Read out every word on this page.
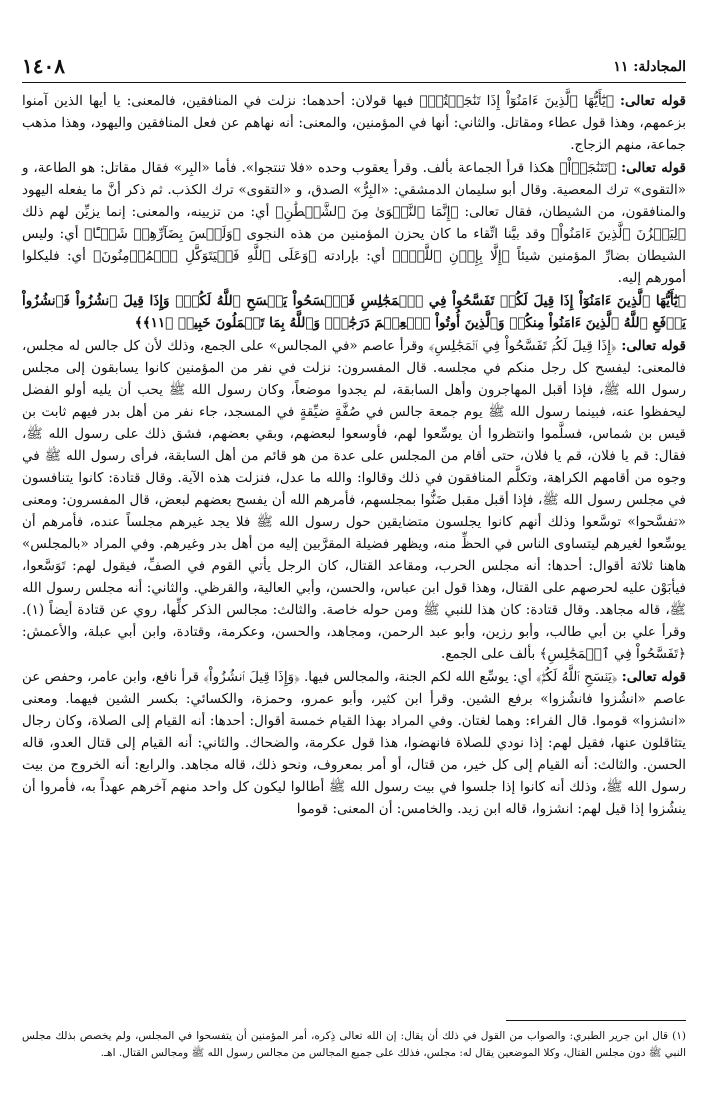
١٤٠٨	المجادلة: ١١

قوله تعالى: ﴿يَٰٓأَيُّهَا ٱلَّذِينَ ءَامَنُوٓاْ إِذَا تَنَٰجَيۡتُمۡ﴾ فيها قولان: أحدهما: نزلت في المنافقين، فالمعنى: يا أيها الذين آمنوا بزعمهم، وهذا قول عطاء ومقاتل. والثاني: أنها في المؤمنين، والمعنى: أنه نهاهم عن فعل المنافقين واليهود، وهذا مذهب جماعة، منهم الزجاج.

قوله تعالى: ﴿تَتَنَٰجَوۡاْ﴾ هكذا قرأ الجماعة بألف. وقرأ يعقوب وحده «فلا تنتجوا». فأما «البِر» فقال مقاتل: هو الطاعة، و «التقوى» ترك المعصية. وقال أبو سليمان الدمشقي: «البِرُّ» الصدق، و «التقوى» ترك الكذب. ثم ذكر أنَّ ما يفعله اليهود والمنافقون، من الشيطان، فقال تعالى: ﴿إِنَّمَا ٱلنَّجۡوَىٰ مِنَ ٱلشَّيۡطَٰنِ﴾ أي: من تزيينه، والمعنى: إنما يزيِّن لهم ذلك ﴿لِيَحۡزُنَ ٱلَّذِينَ ءَامَنُواْ﴾ وقد بيَّنا اتِّقاء ما كان يحزن المؤمنين من هذه النجوى ﴿وَلَيۡسَ بِضَآرِّهِمۡ شَيۡـًٔا﴾ أي: وليس الشيطان بضارِّ المؤمنين شيئاً ﴿إِلَّا بِإِذۡنِ ٱللَّهِۚ﴾ أي: بإرادته ﴿وَعَلَى ٱللَّهِ فَلۡيَتَوَكَّلِ ٱلۡمُؤۡمِنُونَ﴾ أي: فليكلوا أمورهم إليه.

﴿يَٰٓأَيُّهَا ٱلَّذِينَ ءَامَنُوٓاْ إِذَا قِيلَ لَكُمۡ تَفَسَّحُواْ فِي ٱلۡمَجَٰلِسِ فَٱفۡسَحُواْ يَفۡسَحِ ٱللَّهُ لَكُمۡۖ وَإِذَا قِيلَ ٱنشُزُواْ فَٱنشُزُواْ يَرۡفَعِ ٱللَّهُ ٱلَّذِينَ ءَامَنُواْ مِنكُمۡ وَٱلَّذِينَ أُوتُواْ ٱلۡعِلۡمَ دَرَجَٰتٖۚ وَٱللَّهُ بِمَا تَعۡمَلُونَ خَبِيرٞ ﴿١١﴾﴾

قوله تعالى: ﴿إِذَا قِيلَ لَكُمۡ تَفَسَّحُواْ فِي ٱلۡمَجَٰلِسِ﴾ وقرأ عاصم «في المجالس» على الجمع، وذلك لأن كل جالس له مجلس، فالمعنى: ليفسح كل رجل منكم في مجلسه. قال المفسرون: نزلت في نفر من المؤمنين كانوا يسابقون إلى مجلس رسول الله ﷺ، فإذا أقبل المهاجرون وأهل السابقة، لم يجدوا موضعاً، وكان رسول الله ﷺ يحب أن يليه أولو الفضل ليحفظوا عنه، فبينما رسول الله ﷺ يوم جمعة جالس في صُفَّةٍ ضيِّقةٍ في المسجد، جاء نفر من أهل بدر فيهم ثابت بن قيس بن شماس، فسلَّموا وانتظروا أن يوسِّعوا لهم، فأوسعوا لبعضهم، وبقي بعضهم، فشق ذلك على رسول الله ﷺ، فقال: قم يا فلان، قم يا فلان، حتى أقام من المجلس على عدة من هو قائم من أهل السابقة، فرأى رسول الله ﷺ في وجوه من أقامهم الكراهة، وتكلَّم المنافقون في ذلك وقالوا: والله ما عدل، فنزلت هذه الآية. وقال قتادة: كانوا يتنافسون في مجلس رسول الله ﷺ، فإذا أقبل مقبل ضَنُّوا بمجلسهم، فأمرهم الله أن يفسح بعضهم لبعض، قال المفسرون: ومعنى «تفسَّحوا» توسَّعوا وذلك أنهم كانوا يجلسون متضايقين حول رسول الله ﷺ فلا يجد غيرهم مجلساً عنده، فأمرهم أن يوسِّعوا لغيرهم ليتساوى الناس في الحظِّ منه، ويظهر فضيلة المقرَّبين إليه من أهل بدر وغيرهم. وفي المراد «بالمجلس» هاهنا ثلاثة أقوال: أحدها: أنه مجلس الحرب، ومقاعد القتال، كان الرجل يأتي القوم في الصفِّ، فيقول لهم: تَوَسَّعوا، فيأبَوْن عليه لحرصهم على القتال، وهذا قول ابن عباس، والحسن، وأبي العالية، والقرظي. والثاني: أنه مجلس رسول الله ﷺ، قاله مجاهد. وقال قتادة: كان هذا للنبي ﷺ ومن حوله خاصة. والثالث: مجالس الذكر كلِّها، روي عن قتادة أيضاً (١). وقرأ علي بن أبي طالب، وأبو رزين، وأبو عبد الرحمن، ومجاهد، والحسن، وعكرمة، وقتادة، وابن أبي عبلة، والأعمش: ﴿تَفَسَّحُواْ فِي ٱلۡمَجَٰلِسِ﴾ بألف على الجمع.

قوله تعالى: ﴿يَفۡسَحِ ٱللَّهُ لَكُمۡۖ﴾ أي: يوسِّع الله لكم الجنة، والمجالس فيها. ﴿وَإِذَا قِيلَ ٱنشُزُواْ﴾ قرأ نافع، وابن عامر، وحفص عن عاصم «انشُزوا فانشُزوا» برفع الشين. وقرأ ابن كثير، وأبو عمرو، وحمزة، والكسائي: بكسر الشين فيهما. ومعنى «انشزوا» قوموا. قال الفراء: وهما لغتان. وفي المراد بهذا القيام خمسة أقوال: أحدها: أنه القيام إلى الصلاة، وكان رجال يتثاقلون عنها، فقيل لهم: إذا نودي للصلاة فانهضوا، هذا قول عكرمة، والضحاك. والثاني: أنه القيام إلى قتال العدو، قاله الحسن. والثالث: أنه القيام إلى كل خير، من قتال، أو أمر بمعروف، ونحو ذلك، قاله مجاهد. والرابع: أنه الخروج من بيت رسول الله ﷺ، وذلك أنه كانوا إذا جلسوا في بيت رسول الله ﷺ أطالوا ليكون كل واحد منهم آخرهم عهداً به، فأمروا أن ينشُزوا إذا قيل لهم: انشزوا، قاله ابن زيد. والخامس: أن المعنى: قوموا

(١) قال ابن جرير الطبري: والصواب من القول في ذلك أن يقال: إن الله تعالى ذِكره، أمر المؤمنين أن يتفسحوا في المجلس، ولم يخصص بذلك مجلس النبي ﷺ دون مجلس القتال، وكلا الموضعين يقال له: مجلس، فذلك على جميع المجالس من مجالس رسول الله ﷺ ومجالس القتال. اهـ.
